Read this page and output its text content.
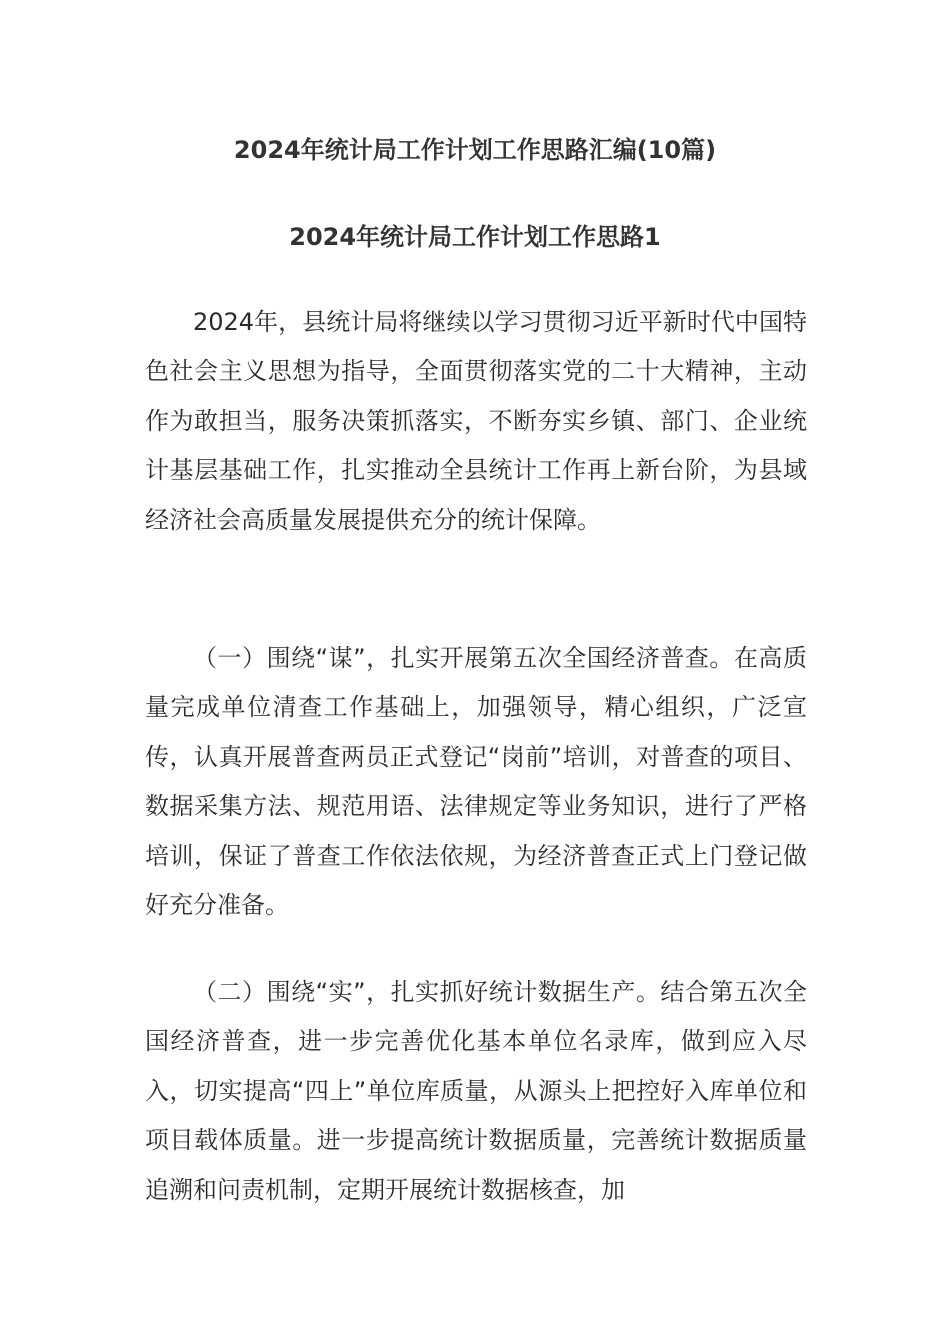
2024年统计局工作计划工作思路汇编(10篇)
2024年统计局工作计划工作思路1

2024年，县统计局将继续以学习贯彻习近平新时代中国特色社会主义思想为指导，全面贯彻落实党的二十大精神，主动作为敢担当，服务决策抓落实，不断夯实乡镇、部门、企业统计基层基础工作，扎实推动全县统计工作再上新台阶，为县域经济社会高质量发展提供充分的统计保障。

（一）围绕“谋”，扎实开展第五次全国经济普查。在高质量完成单位清查工作基础上，加强领导，精心组织，广泛宣传，认真开展普查两员正式登记“岗前”培训，对普查的项目、数据采集方法、规范用语、法律规定等业务知识，进行了严格培训，保证了普查工作依法依规，为经济普查正式上门登记做好充分准备。

（二）围绕“实”，扎实抓好统计数据生产。结合第五次全国经济普查，进一步完善优化基本单位名录库，做到应入尽入，切实提高“四上”单位库质量，从源头上把控好入库单位和项目载体质量。进一步提高统计数据质量，完善统计数据质量追溯和问责机制，定期开展统计数据核查，加
